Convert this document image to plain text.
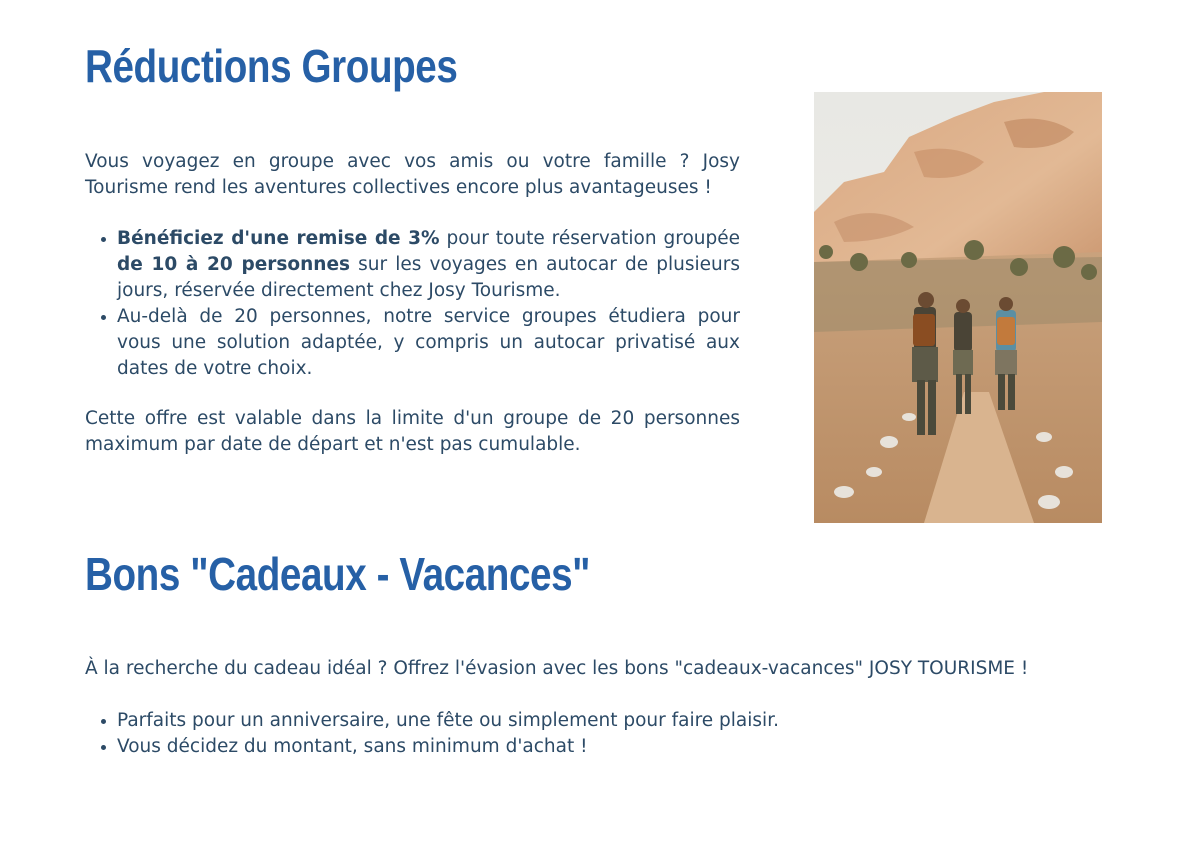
Réductions Groupes

Vous voyagez en groupe avec vos amis ou votre famille ? Josy Tourisme rend les aventures collectives encore plus avantageuses !

• Bénéficiez d'une remise de 3% pour toute réservation groupée de 10 à 20 personnes sur les voyages en autocar de plusieurs jours, réservée directement chez Josy Tourisme.
• Au-delà de 20 personnes, notre service groupes étudiera pour vous une solution adaptée, y compris un autocar privatisé aux dates de votre choix.

Cette offre est valable dans la limite d'un groupe de 20 personnes maximum par date de départ et n'est pas cumulable.

Bons "Cadeaux - Vacances"

À la recherche du cadeau idéal ? Offrez l'évasion avec les bons "cadeaux-vacances" JOSY TOURISME !

• Parfaits pour un anniversaire, une fête ou simplement pour faire plaisir.
• Vous décidez du montant, sans minimum d'achat !
